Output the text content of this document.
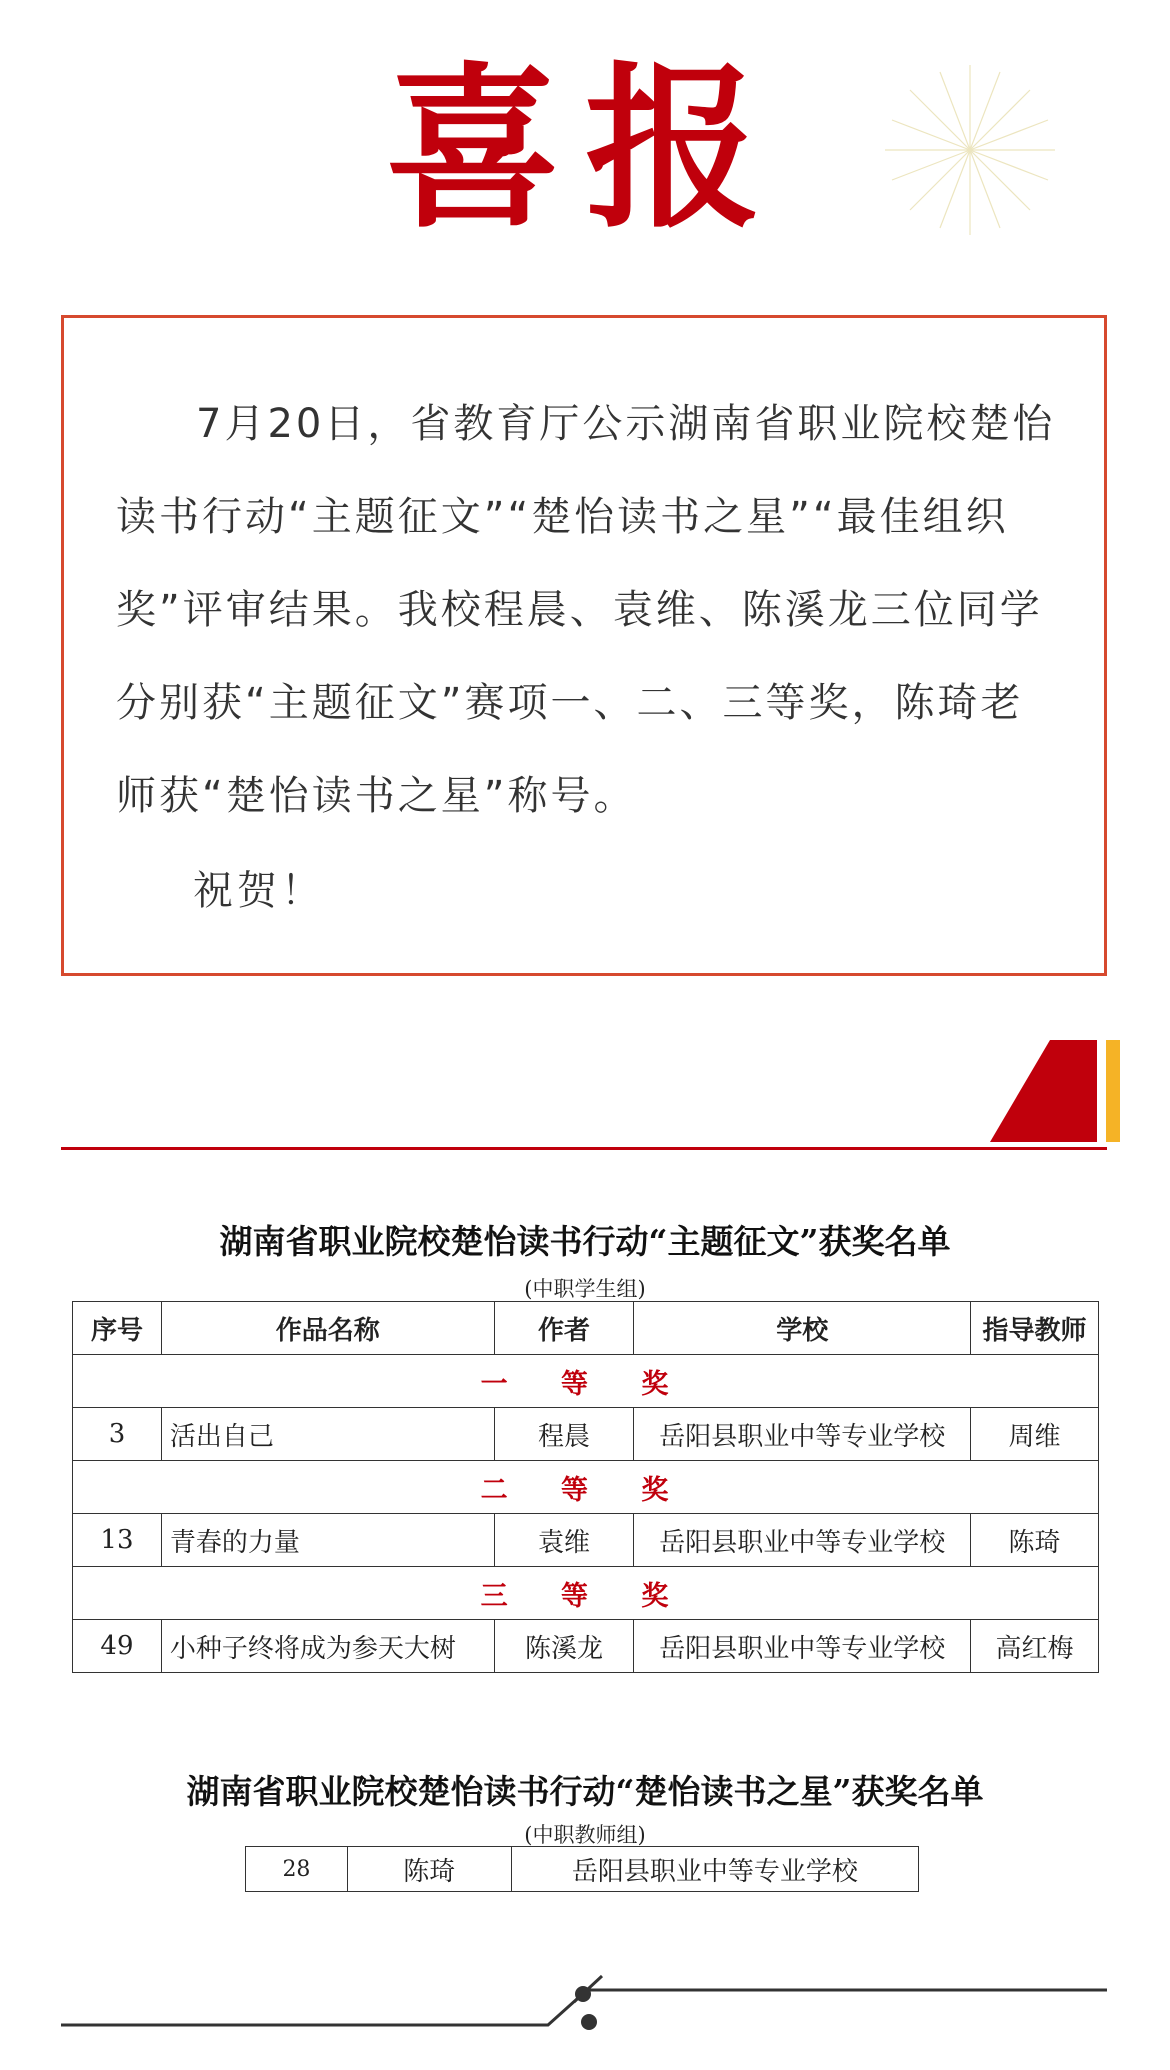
喜报

7月20日，省教育厅公示湖南省职业院校楚怡
读书行动“主题征文”“楚怡读书之星”“最佳组织
奖”评审结果。我校程晨、袁维、陈溪龙三位同学
分别获“主题征文”赛项一、二、三等奖，陈琦老
师获“楚怡读书之星”称号。

祝贺！
湖南省职业院校楚怡读书行动“主题征文”获奖名单
(中职学生组)
序号	作品名称	作者	学校	指导教师
一 等 奖				
3	活出自己	程晨	岳阳县职业中等专业学校	周维
二 等 奖				
13	青春的力量	袁维	岳阳县职业中等专业学校	陈琦
三 等 奖				
49	小种子终将成为参天大树	陈溪龙	岳阳县职业中等专业学校	高红梅
湖南省职业院校楚怡读书行动“楚怡读书之星”获奖名单
(中职教师组)
28	陈琦	岳阳县职业中等专业学校
